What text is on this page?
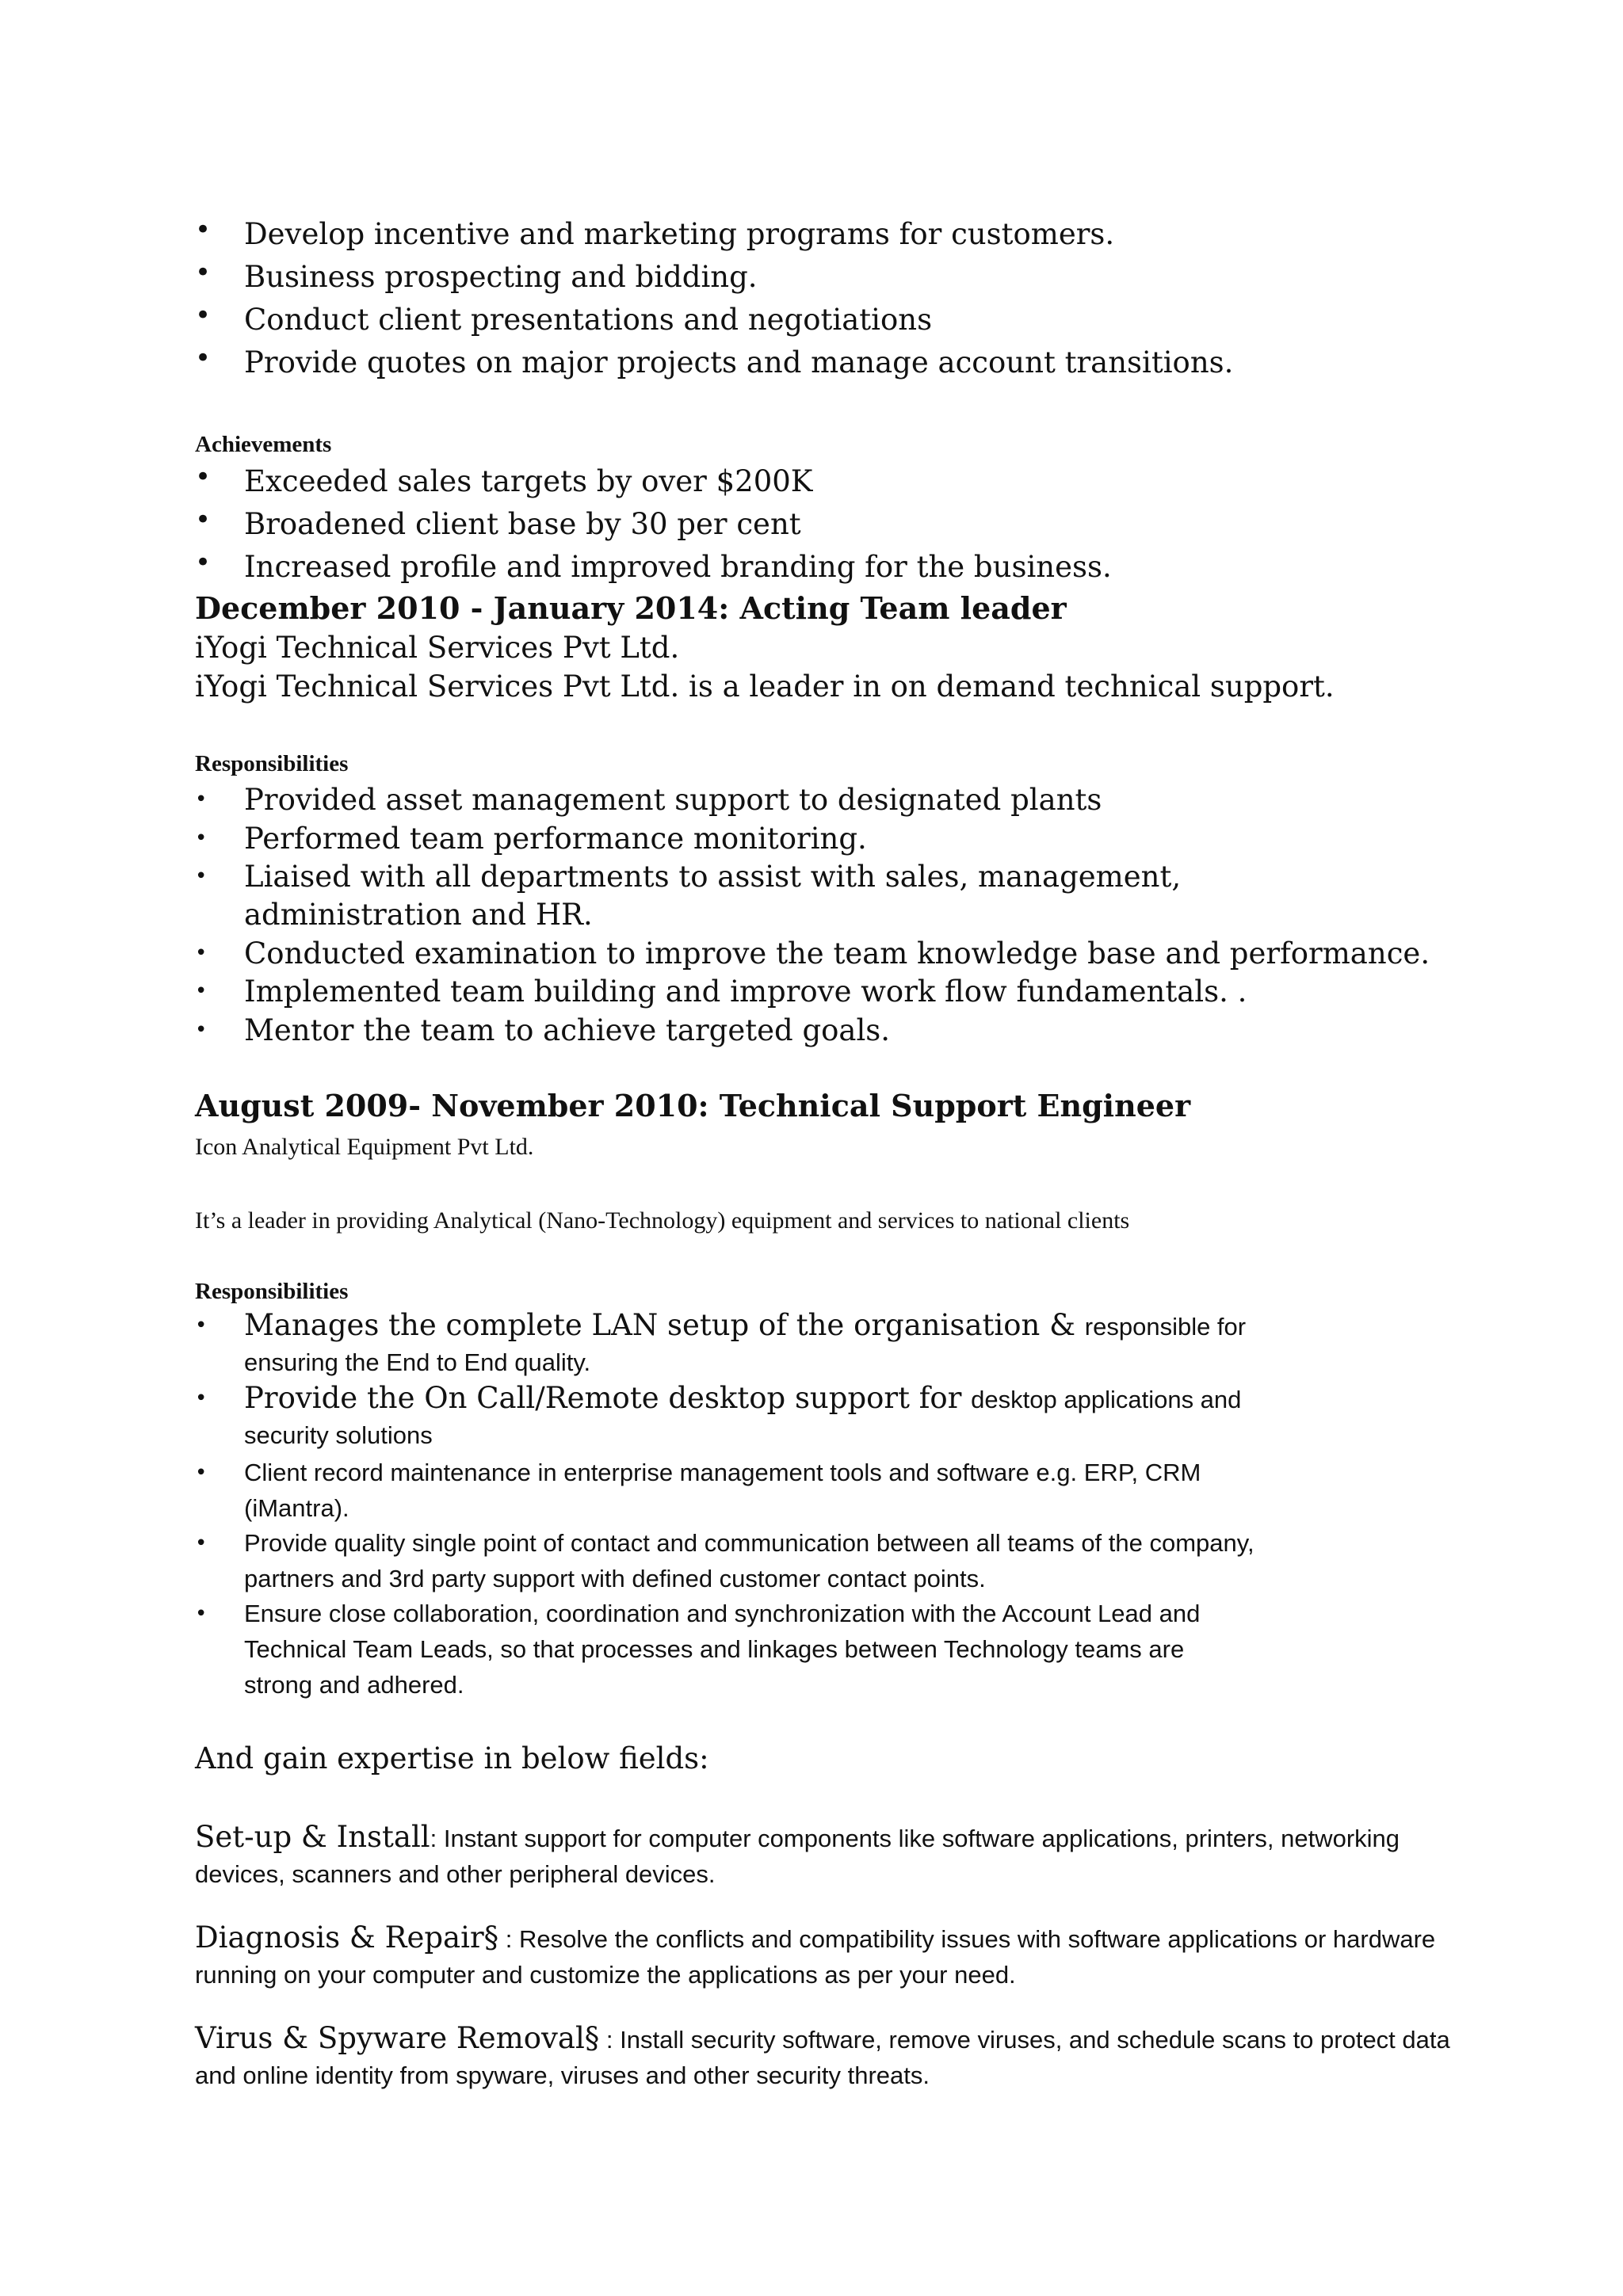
• Develop incentive and marketing programs for customers.
• Business prospecting and bidding.
• Conduct client presentations and negotiations
• Provide quotes on major projects and manage account transitions.
Achievements
• Exceeded sales targets by over $200K
• Broadened client base by 30 per cent
• Increased profile and improved branding for the business.
December 2010 - January 2014: Acting Team leader
iYogi Technical Services Pvt Ltd.
iYogi Technical Services Pvt Ltd. is a leader in on demand technical support.
Responsibilities
• Provided asset management support to designated plants
• Performed team performance monitoring.
• Liaised with all departments to assist with sales, management, administration and HR.
• Conducted examination to improve the team knowledge base and performance.
• Implemented team building and improve work flow fundamentals. .
• Mentor the team to achieve targeted goals.
August 2009- November 2010: Technical Support Engineer
Icon Analytical Equipment Pvt Ltd.
It’s a leader in providing Analytical (Nano-Technology) equipment and services to national clients
Responsibilities
• Manages the complete LAN setup of the organisation & responsible for ensuring the End to End quality.
• Provide the On Call/Remote desktop support for desktop applications and security solutions
• Client record maintenance in enterprise management tools and software e.g. ERP, CRM (iMantra).
• Provide quality single point of contact and communication between all teams of the company, partners and 3rd party support with defined customer contact points.
• Ensure close collaboration, coordination and synchronization with the Account Lead and Technical Team Leads, so that processes and linkages between Technology teams are strong and adhered.
And gain expertise in below fields:
Set-up & Install: Instant support for computer components like software applications, printers, networking devices, scanners and other peripheral devices.
Diagnosis & Repair§ : Resolve the conflicts and compatibility issues with software applications or hardware running on your computer and customize the applications as per your need.
Virus & Spyware Removal§ : Install security software, remove viruses, and schedule scans to protect data and online identity from spyware, viruses and other security threats.
